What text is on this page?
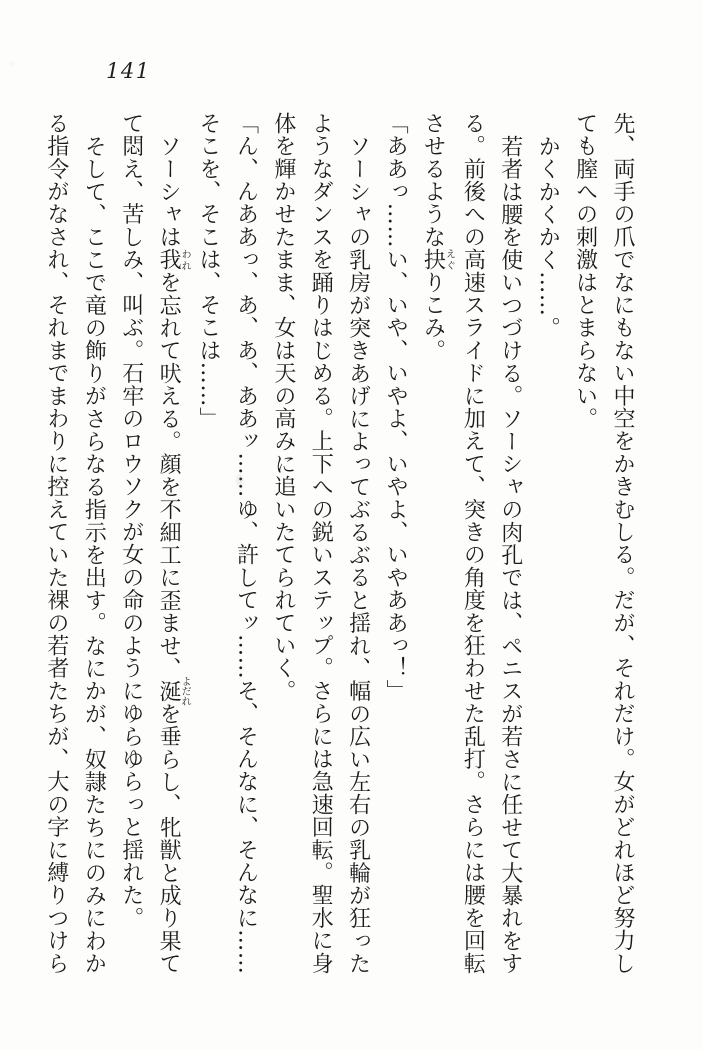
141
先、両手の爪でなにもない中空をかきむしる。だが、それだけ。女がどれほど努力し
ても膣への刺激はとまらない。
かくかくかく……。
若者は腰を使いつづける。ソーシャの肉孔では、ペニスが若さに任せて大暴れをす
る。前後への高速スライドに加えて、突きの角度を狂わせた乱打。さらには腰を回転
させるような抉えぐりこみ。
「ああっ……い、いや、いやよ、いやよ、いやああっ！」
ソーシャの乳房が突きあげによってぶるぶると揺れ、幅の広い左右の乳輪が狂った
ようなダンスを踊りはじめる。上下への鋭いステップ。さらには急速回転。聖水に身
体を輝かせたまま、女は天の高みに追いたてられていく。
「ん、んああっ、あ、あ、ああッ……ゆ、許してッ……そ、そんなに、そんなに……
そこを、そこは、そこは……」
ソーシャは我われを忘れて吠える。顔を不細工に歪ませ、涎よだれを垂らし、牝獣と成り果て
て悶え、苦しみ、叫ぶ。石牢のロウソクが女の命のようにゆらゆらっと揺れた。
そして、ここで竜の飾りがさらなる指示を出す。なにかが、奴隷たちにのみにわか
る指令がなされ、それまでまわりに控えていた裸の若者たちが、大の字に縛りつけら
